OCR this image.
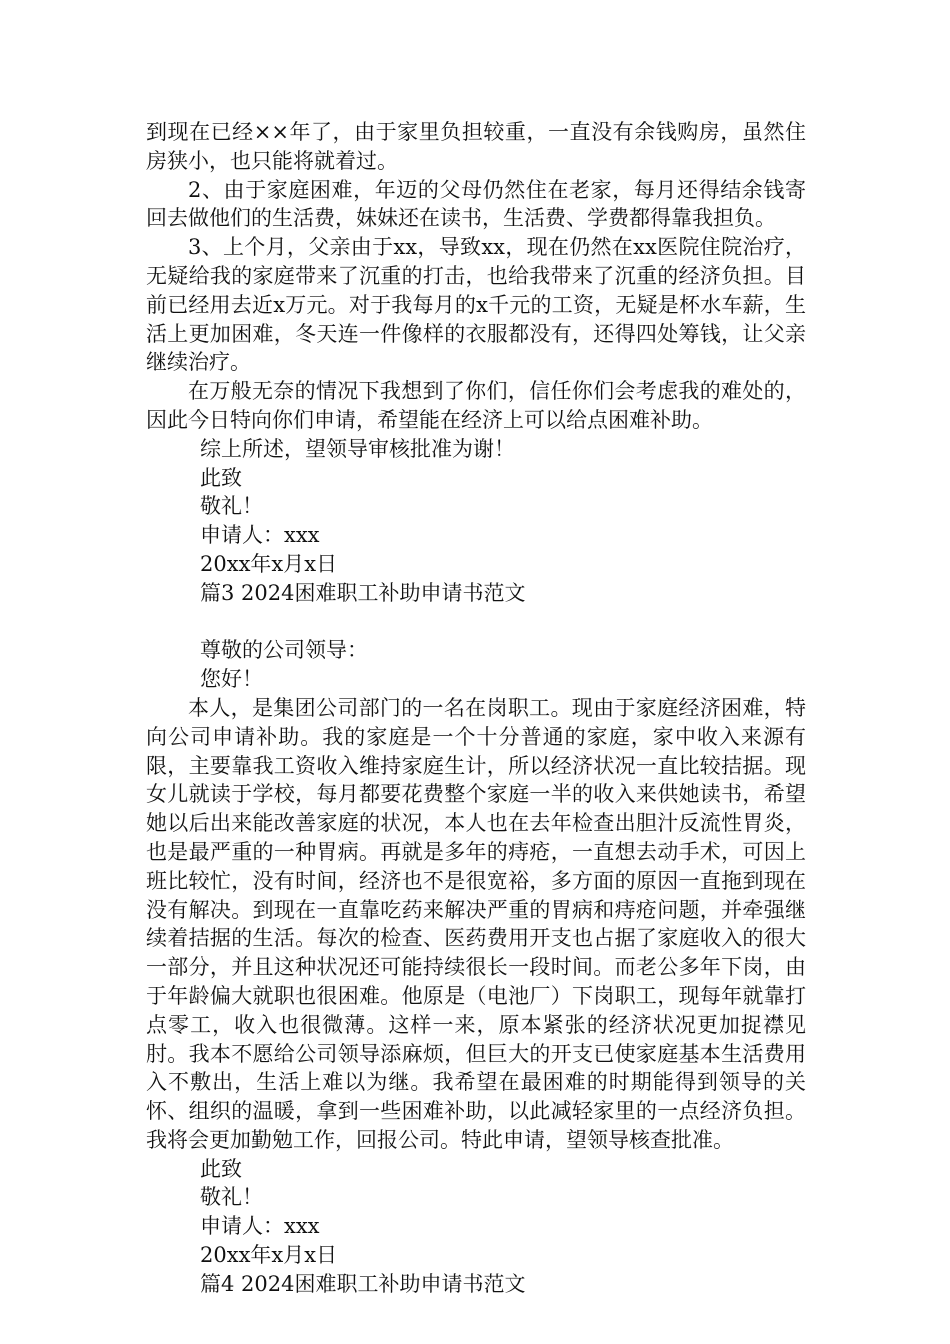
到现在已经××年了，由于家里负担较重，一直没有余钱购房，虽然住房狭小，也只能将就着过。

2、由于家庭困难，年迈的父母仍然住在老家，每月还得结余钱寄回去做他们的生活费，妹妹还在读书，生活费、学费都得靠我担负。

3、上个月，父亲由于xx，导致xx，现在仍然在xx医院住院治疗，无疑给我的家庭带来了沉重的打击，也给我带来了沉重的经济负担。目前已经用去近x万元。对于我每月的x千元的工资，无疑是杯水车薪，生活上更加困难，冬天连一件像样的衣服都没有，还得四处筹钱，让父亲继续治疗。

在万般无奈的情况下我想到了你们，信任你们会考虑我的难处的，因此今日特向你们申请，希望能在经济上可以给点困难补助。

综上所述，望领导审核批准为谢！

此致

敬礼！

申请人：xxx

20xx年x月x日

篇3 2024困难职工补助申请书范文

尊敬的公司领导：

您好！

本人，是集团公司部门的一名在岗职工。现由于家庭经济困难，特向公司申请补助。我的家庭是一个十分普通的家庭，家中收入来源有限，主要靠我工资收入维持家庭生计，所以经济状况一直比较拮据。现女儿就读于学校，每月都要花费整个家庭一半的收入来供她读书，希望她以后出来能改善家庭的状况，本人也在去年检查出胆汁反流性胃炎，也是最严重的一种胃病。再就是多年的痔疮，一直想去动手术，可因上班比较忙，没有时间，经济也不是很宽裕，多方面的原因一直拖到现在没有解决。到现在一直靠吃药来解决严重的胃病和痔疮问题，并牵强继续着拮据的生活。每次的检查、医药费用开支也占据了家庭收入的很大一部分，并且这种状况还可能持续很长一段时间。而老公多年下岗，由于年龄偏大就职也很困难。他原是（电池厂）下岗职工，现每年就靠打点零工，收入也很微薄。这样一来，原本紧张的经济状况更加捉襟见肘。我本不愿给公司领导添麻烦，但巨大的开支已使家庭基本生活费用入不敷出，生活上难以为继。我希望在最困难的时期能得到领导的关怀、组织的温暖，拿到一些困难补助，以此减轻家里的一点经济负担。我将会更加勤勉工作，回报公司。特此申请，望领导核查批准。

此致

敬礼！

申请人：xxx

20xx年x月x日

篇4 2024困难职工补助申请书范文
